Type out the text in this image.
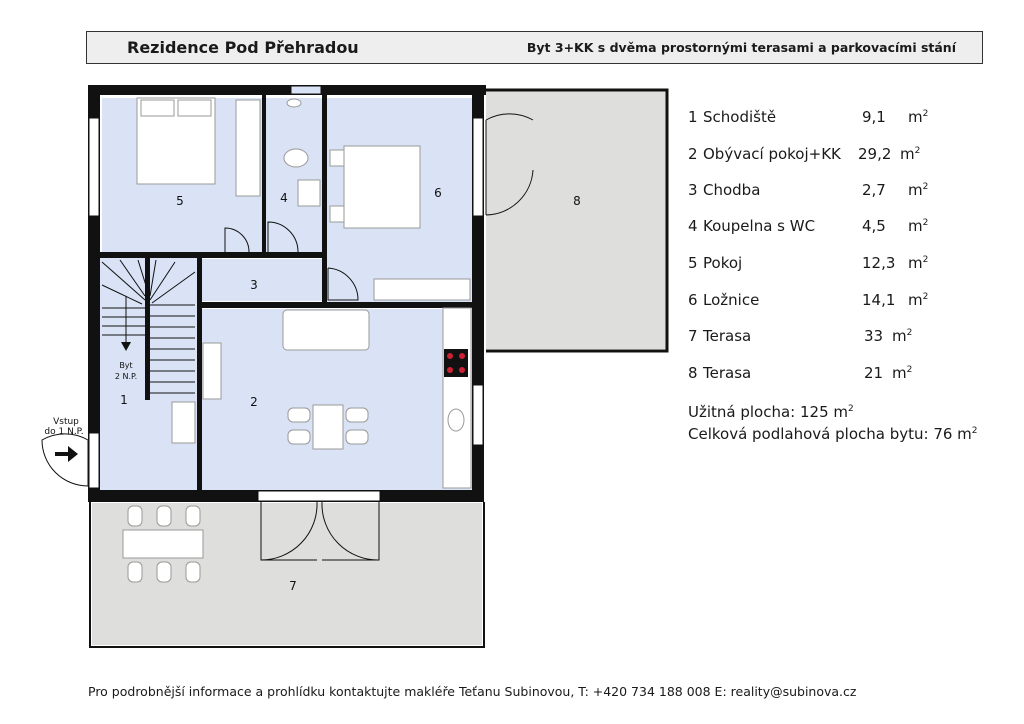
Rezidence Pod Přehradou	Byt 3+KK s dvěma prostornými terasami a parkovacími stání
5	4	6
8
3
1	2
7
Byt
2 N.P.
Vstup
do 1 N.P.
1 Schodiště	9,1 $m^2$
2 Obývací pokoj+KK 29,2 $m^2$
3 Chodba	2,7 $m^2$
4 Koupelna s WC	4,5 $m^2$
5 Pokoj	12,3 $m^2$
6 Ložnice	14,1 $m^2$
7 Terasa	33 $m^2$
8 Terasa	21 $m^2$
Užitná plocha: 125 $m^2$
Celková podlahová plocha bytu: 76 $m^2$
Pro podrobnější informace a prohlídku kontaktujte makléře Teťanu Subinovou, T: +420 734 188 008 E: reality@subinova.cz
